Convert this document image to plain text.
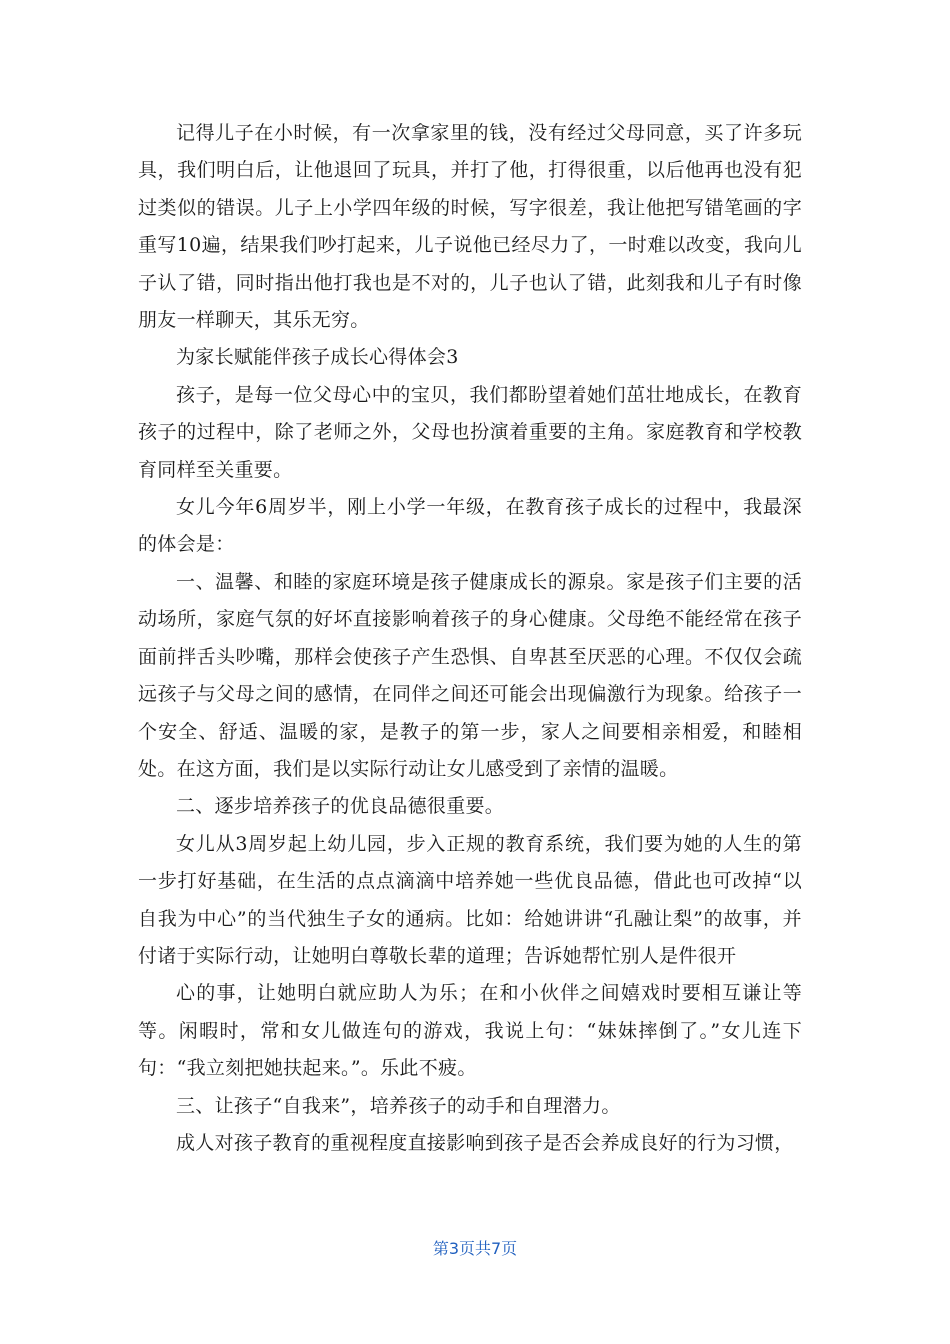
记得儿子在小时候，有一次拿家里的钱，没有经过父母同意，买了许多玩具，我们明白后，让他退回了玩具，并打了他，打得很重，以后他再也没有犯过类似的错误。儿子上小学四年级的时候，写字很差，我让他把写错笔画的字重写10遍，结果我们吵打起来，儿子说他已经尽力了，一时难以改变，我向儿子认了错，同时指出他打我也是不对的，儿子也认了错，此刻我和儿子有时像朋友一样聊天，其乐无穷。

为家长赋能伴孩子成长心得体会3

孩子，是每一位父母心中的宝贝，我们都盼望着她们茁壮地成长，在教育孩子的过程中，除了老师之外，父母也扮演着重要的主角。家庭教育和学校教育同样至关重要。

女儿今年6周岁半，刚上小学一年级，在教育孩子成长的过程中，我最深的体会是：

一、温馨、和睦的家庭环境是孩子健康成长的源泉。家是孩子们主要的活动场所，家庭气氛的好坏直接影响着孩子的身心健康。父母绝不能经常在孩子面前拌舌头吵嘴，那样会使孩子产生恐惧、自卑甚至厌恶的心理。不仅仅会疏远孩子与父母之间的感情，在同伴之间还可能会出现偏激行为现象。给孩子一个安全、舒适、温暖的家，是教子的第一步，家人之间要相亲相爱，和睦相处。在这方面，我们是以实际行动让女儿感受到了亲情的温暖。

二、逐步培养孩子的优良品德很重要。

女儿从3周岁起上幼儿园，步入正规的教育系统，我们要为她的人生的第一步打好基础，在生活的点点滴滴中培养她一些优良品德，借此也可改掉“以自我为中心”的当代独生子女的通病。比如：给她讲讲“孔融让梨”的故事，并付诸于实际行动，让她明白尊敬长辈的道理；告诉她帮忙别人是件很开

心的事，让她明白就应助人为乐；在和小伙伴之间嬉戏时要相互谦让等等。闲暇时，常和女儿做连句的游戏，我说上句：“妹妹摔倒了。”女儿连下句：“我立刻把她扶起来。”。乐此不疲。

三、让孩子“自我来”，培养孩子的动手和自理潜力。

成人对孩子教育的重视程度直接影响到孩子是否会养成良好的行为习惯，

第3页共7页
